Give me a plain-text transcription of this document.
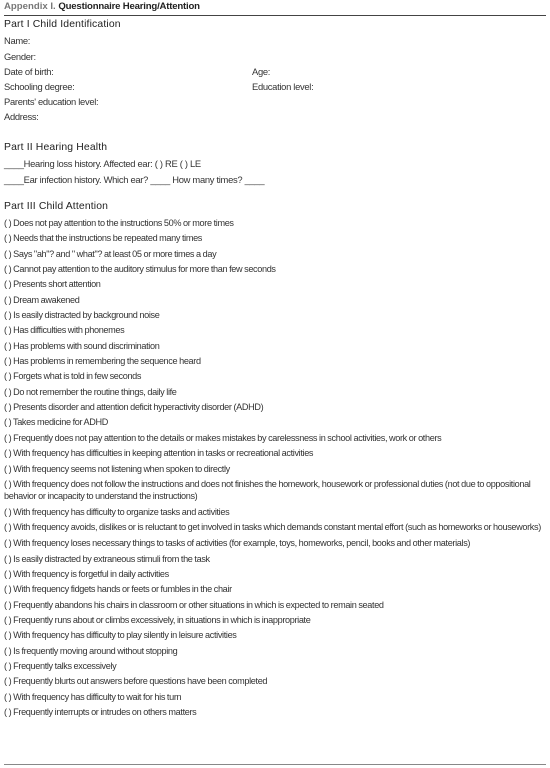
Appendix I. Questionnaire Hearing/Attention
Part I Child Identification
Name:
Gender:
Date of birth:	Age:
Schooling degree:	Education level:
Parents' education level:
Address:
Part II Hearing Health
____Hearing loss history. Affected ear: ( ) RE ( ) LE
____Ear infection history. Which ear? ____ How many times? ____
Part III Child Attention
( ) Does not pay attention to the instructions 50% or more times
( ) Needs that the instructions be repeated many times
( ) Says "ah"? and " what"? at least 05 or more times a day
( ) Cannot pay attention to the auditory stimulus for more than few seconds
( ) Presents short attention
( ) Dream awakened
( ) Is easily distracted by background noise
( ) Has difficulties with phonemes
( ) Has problems with sound discrimination
( ) Has problems in remembering the sequence heard
( ) Forgets what is told in few seconds
( ) Do not remember the routine things, daily life
( ) Presents disorder and attention deficit hyperactivity disorder (ADHD)
( ) Takes medicine for ADHD
( ) Frequently does not pay attention to the details or makes mistakes by carelessness in school activities, work or others
( ) With frequency has difficulties in keeping attention in tasks or recreational activities
( ) With frequency seems not listening when spoken to directly
( ) With frequency does not follow the instructions and does not finishes the homework, housework or professional duties (not due to oppositional behavior or incapacity to understand the instructions)
( ) With frequency has difficulty to organize tasks and activities
( ) With frequency avoids, dislikes or is reluctant to get involved in tasks which demands constant mental effort (such as homeworks or houseworks)
( ) With frequency loses necessary things to tasks of activities (for example, toys, homeworks, pencil, books and other materials)
( ) Is easily distracted by extraneous stimuli from the task
( ) With frequency is forgetful in daily activities
( ) With frequency fidgets hands or feets or fumbles in the chair
( ) Frequently abandons his chairs in classroom or other situations in which is expected to remain seated
( ) Frequently runs about or climbs excessively, in situations in which is inappropriate
( ) With frequency has difficulty to play silently in leisure activities
( ) Is frequently moving around without stopping
( ) Frequently talks excessively
( ) Frequently blurts out answers before questions have been completed
( ) With frequency has difficulty to wait for his turn
( ) Frequently interrupts or intrudes on others matters
